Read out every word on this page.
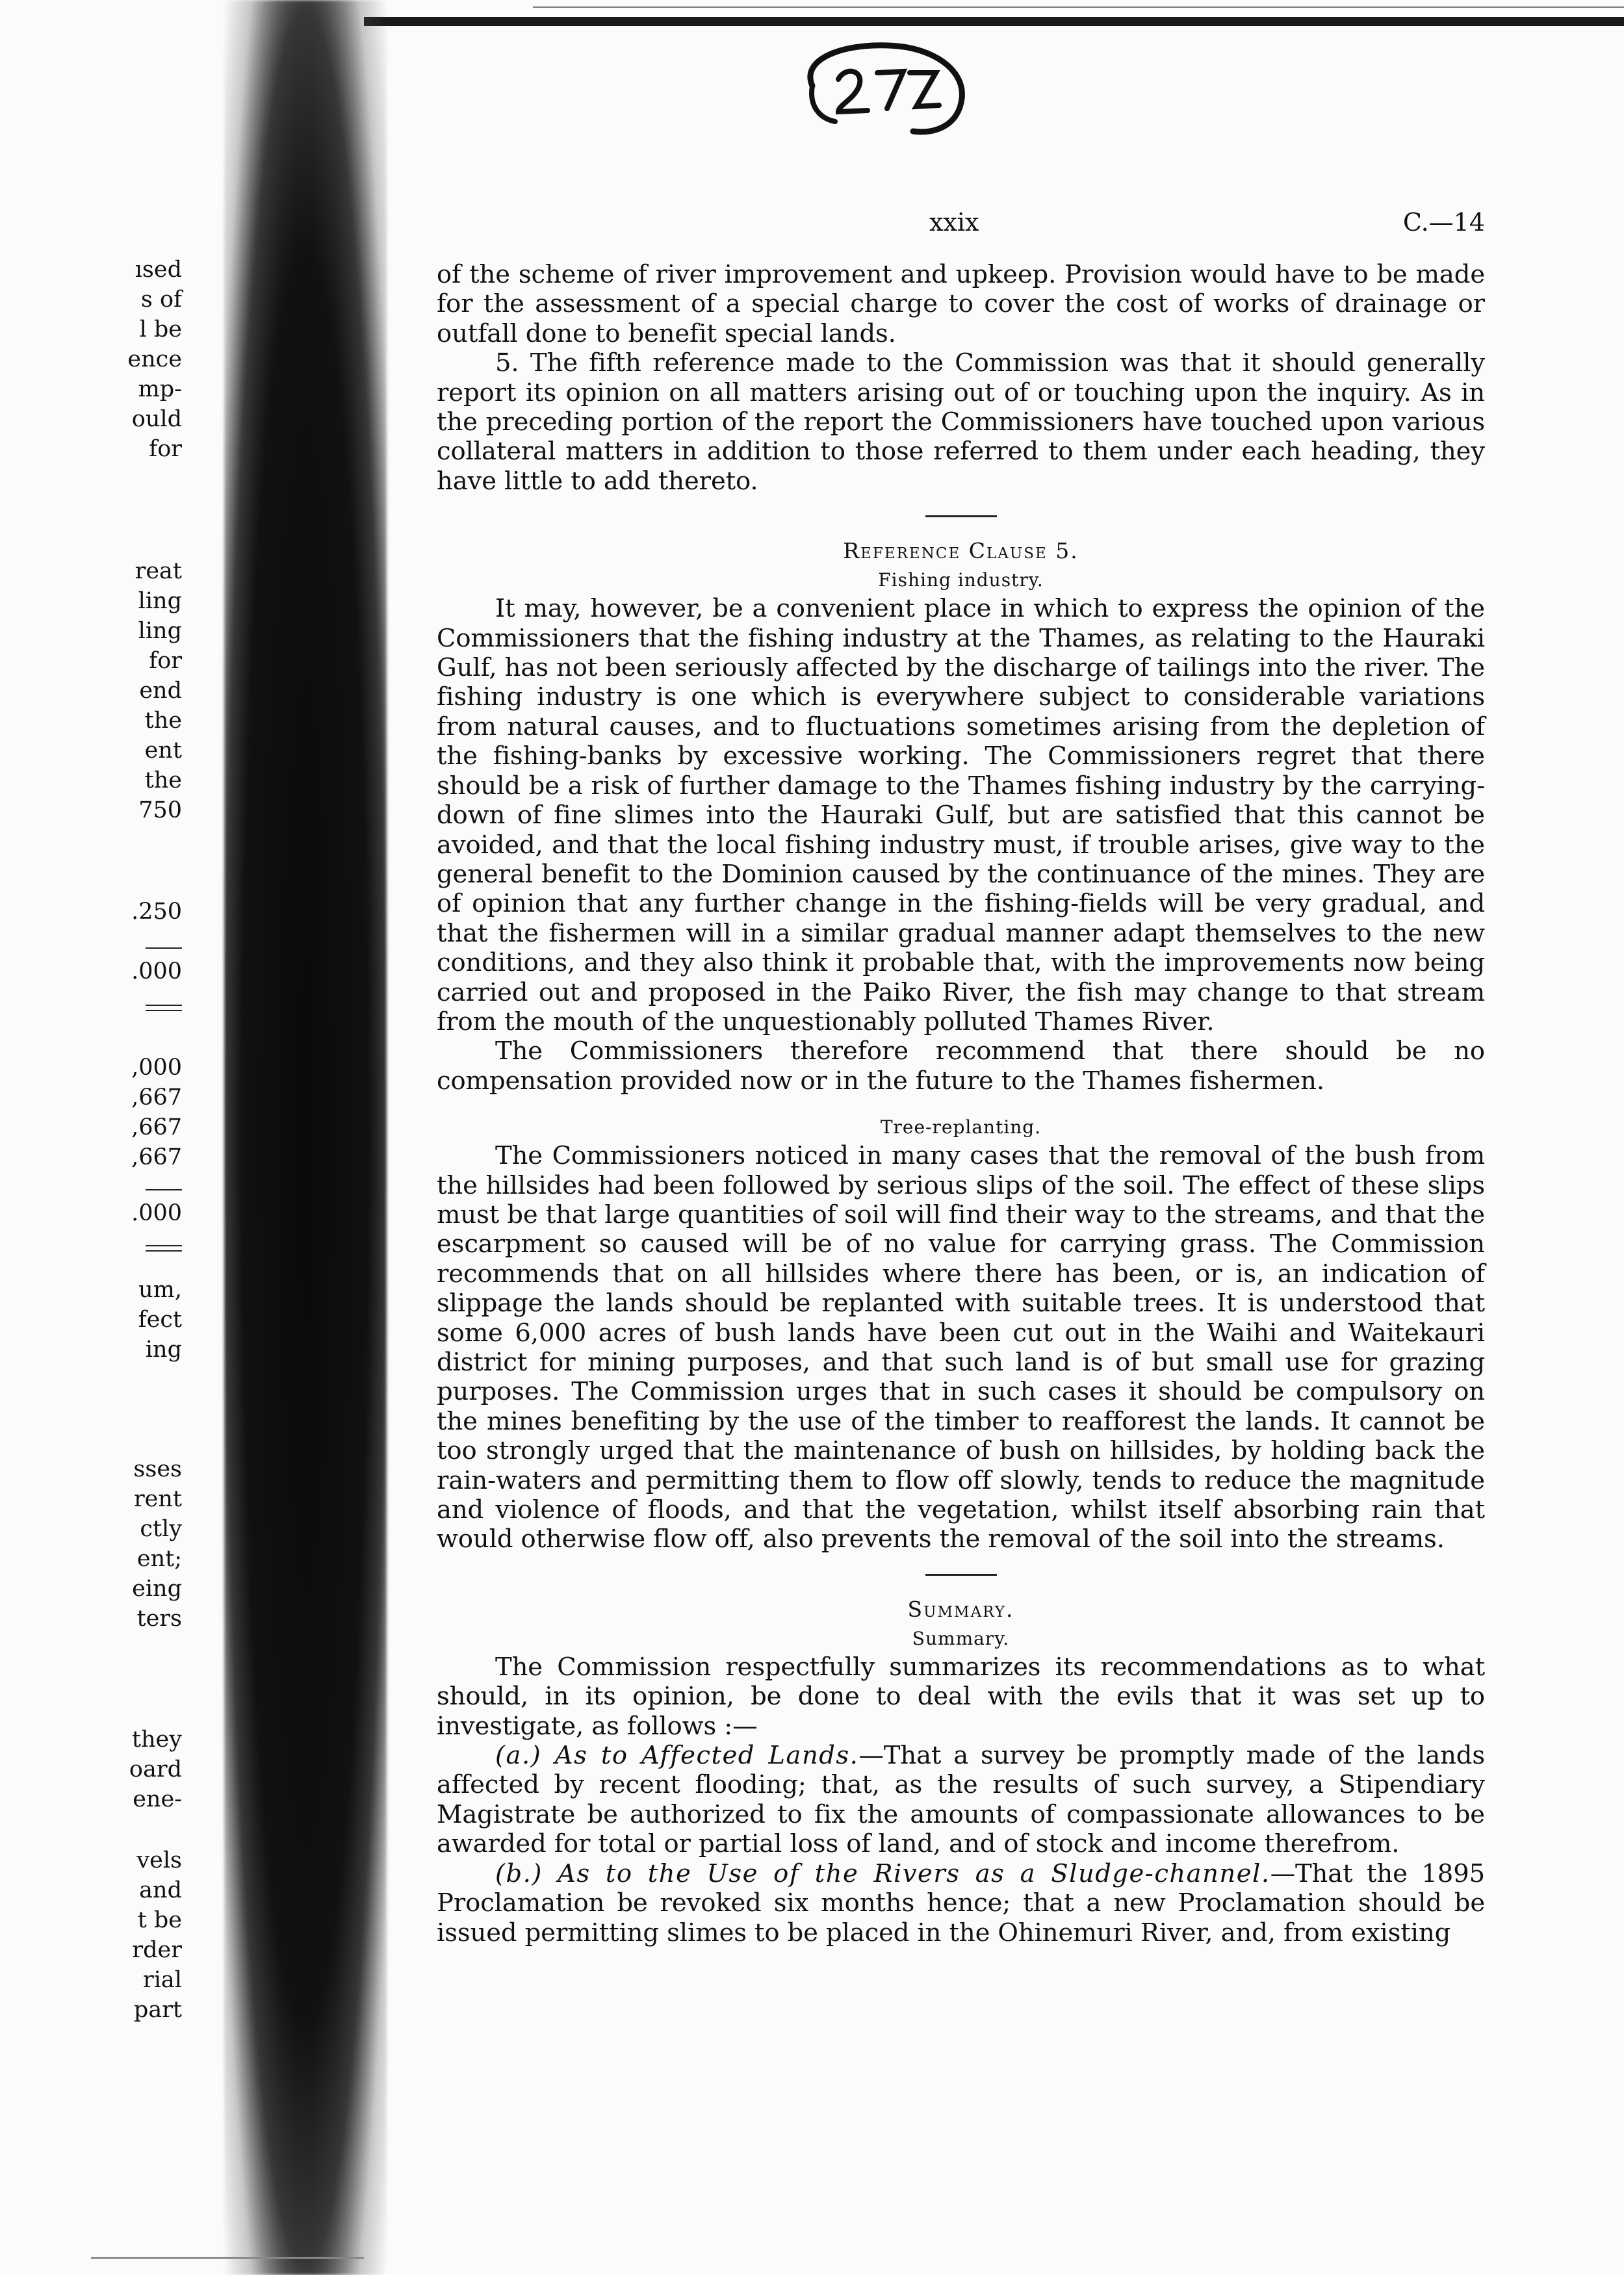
ısed
s of
l be
ence
mp-
ould
for
reat
ling
ling
for
end
the
ent
the
750
.250
.000
,000
,667
,667
,667
.000
um,
fect
ing
sses
rent
ctly
ent;
eing
ters
they
oard
ene-
vels
and
t be
rder
rial
part
xxix	C.—14

of the scheme of river improvement and upkeep. Provision would have to be made for the assessment of a special charge to cover the cost of works of drainage or outfall done to benefit special lands.

5. The fifth reference made to the Commission was that it should generally report its opinion on all matters arising out of or touching upon the inquiry. As in the preceding portion of the report the Commissioners have touched upon various collateral matters in addition to those referred to them under each heading, they have little to add thereto.

Reference Clause 5.
Fishing industry.

It may, however, be a convenient place in which to express the opinion of the Commissioners that the fishing industry at the Thames, as relating to the Hauraki Gulf, has not been seriously affected by the discharge of tailings into the river. The fishing industry is one which is everywhere subject to considerable variations from natural causes, and to fluctuations sometimes arising from the depletion of the fishing-banks by excessive working. The Commissioners regret that there should be a risk of further damage to the Thames fishing industry by the carrying-down of fine slimes into the Hauraki Gulf, but are satisfied that this cannot be avoided, and that the local fishing industry must, if trouble arises, give way to the general benefit to the Dominion caused by the continuance of the mines. They are of opinion that any further change in the fishing-fields will be very gradual, and that the fishermen will in a similar gradual manner adapt themselves to the new conditions, and they also think it probable that, with the improvements now being carried out and proposed in the Paiko River, the fish may change to that stream from the mouth of the unquestionably polluted Thames River.

The Commissioners therefore recommend that there should be no compensation provided now or in the future to the Thames fishermen.

Tree-replanting.

The Commissioners noticed in many cases that the removal of the bush from the hillsides had been followed by serious slips of the soil. The effect of these slips must be that large quantities of soil will find their way to the streams, and that the escarpment so caused will be of no value for carrying grass. The Commission recommends that on all hillsides where there has been, or is, an indication of slippage the lands should be replanted with suitable trees. It is understood that some 6,000 acres of bush lands have been cut out in the Waihi and Waitekauri district for mining purposes, and that such land is of but small use for grazing purposes. The Commission urges that in such cases it should be compulsory on the mines benefiting by the use of the timber to reafforest the lands. It cannot be too strongly urged that the maintenance of bush on hillsides, by holding back the rain-waters and permitting them to flow off slowly, tends to reduce the magnitude and violence of floods, and that the vegetation, whilst itself absorbing rain that would otherwise flow off, also prevents the removal of the soil into the streams.

Summary.
Summary.

The Commission respectfully summarizes its recommendations as to what should, in its opinion, be done to deal with the evils that it was set up to investigate, as follows :—

(a.) As to Affected Lands.—That a survey be promptly made of the lands affected by recent flooding; that, as the results of such survey, a Stipendiary Magistrate be authorized to fix the amounts of compassionate allowances to be awarded for total or partial loss of land, and of stock and income therefrom.

(b.) As to the Use of the Rivers as a Sludge-channel.—That the 1895 Proclamation be revoked six months hence; that a new Proclamation should be issued permitting slimes to be placed in the Ohinemuri River, and, from existing
